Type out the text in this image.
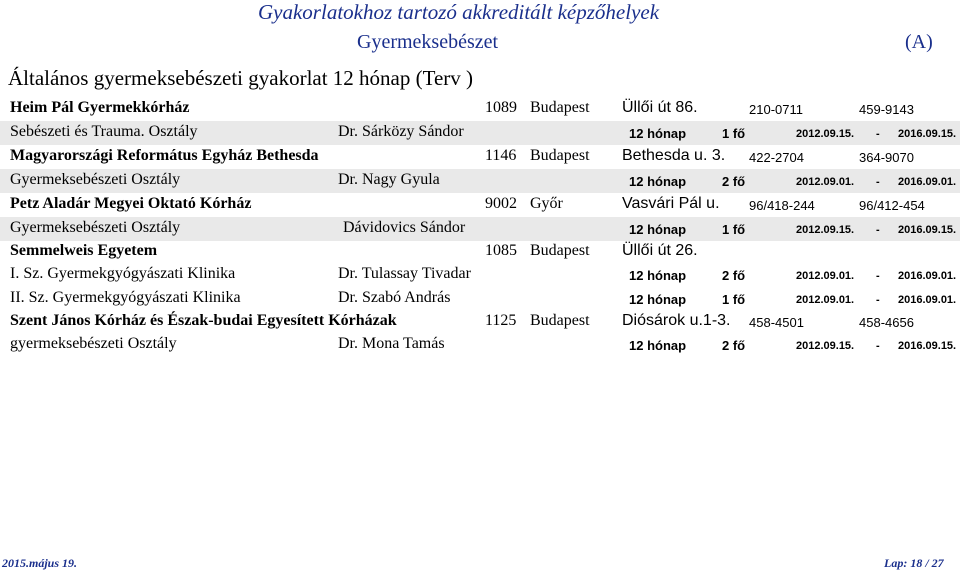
Gyakorlatokhoz tartozó akkreditált képzőhelyek
Gyermeksebészet	(A)
Általános gyermeksebészeti gyakorlat 12 hónap (Terv )
Heim Pál Gyermekkórház	1089 Budapest Üllői út 86.	210-0711	459-9143
Sebészeti és Trauma. Osztály	Dr. Sárközy Sándor	12 hónap	1 fő	2012.09.15. - 2016.09.15.
Magyarországi Református Egyház Bethesda	1146 Budapest Bethesda u. 3. 422-2704	364-9070
Gyermeksebészeti Osztály	Dr. Nagy Gyula	12 hónap	2 fő	2012.09.01. - 2016.09.01.
Petz Aladár Megyei Oktató Kórház	9002 Győr	Vasvári Pál u. 96/418-244	96/412-454
Gyermeksebészeti Osztály	Dávidovics Sándor	12 hónap	1 fő	2012.09.15. - 2016.09.15.
Semmelweis Egyetem	1085 Budapest Üllői út 26.
I. Sz. Gyermekgyógyászati Klinika	Dr. Tulassay Tivadar	12 hónap	2 fő	2012.09.01. - 2016.09.01.
II. Sz. Gyermekgyógyászati Klinika	Dr. Szabó András	12 hónap	1 fő	2012.09.01. - 2016.09.01.
Szent János Kórház és Észak-budai Egyesített Kórházak	1125 Budapest Diósárok u.1-3. 458-4501	458-4656
gyermeksebészeti Osztály	Dr. Mona Tamás	12 hónap	2 fő	2012.09.15. - 2016.09.15.
2015.május 19.	Lap: 18 / 27
